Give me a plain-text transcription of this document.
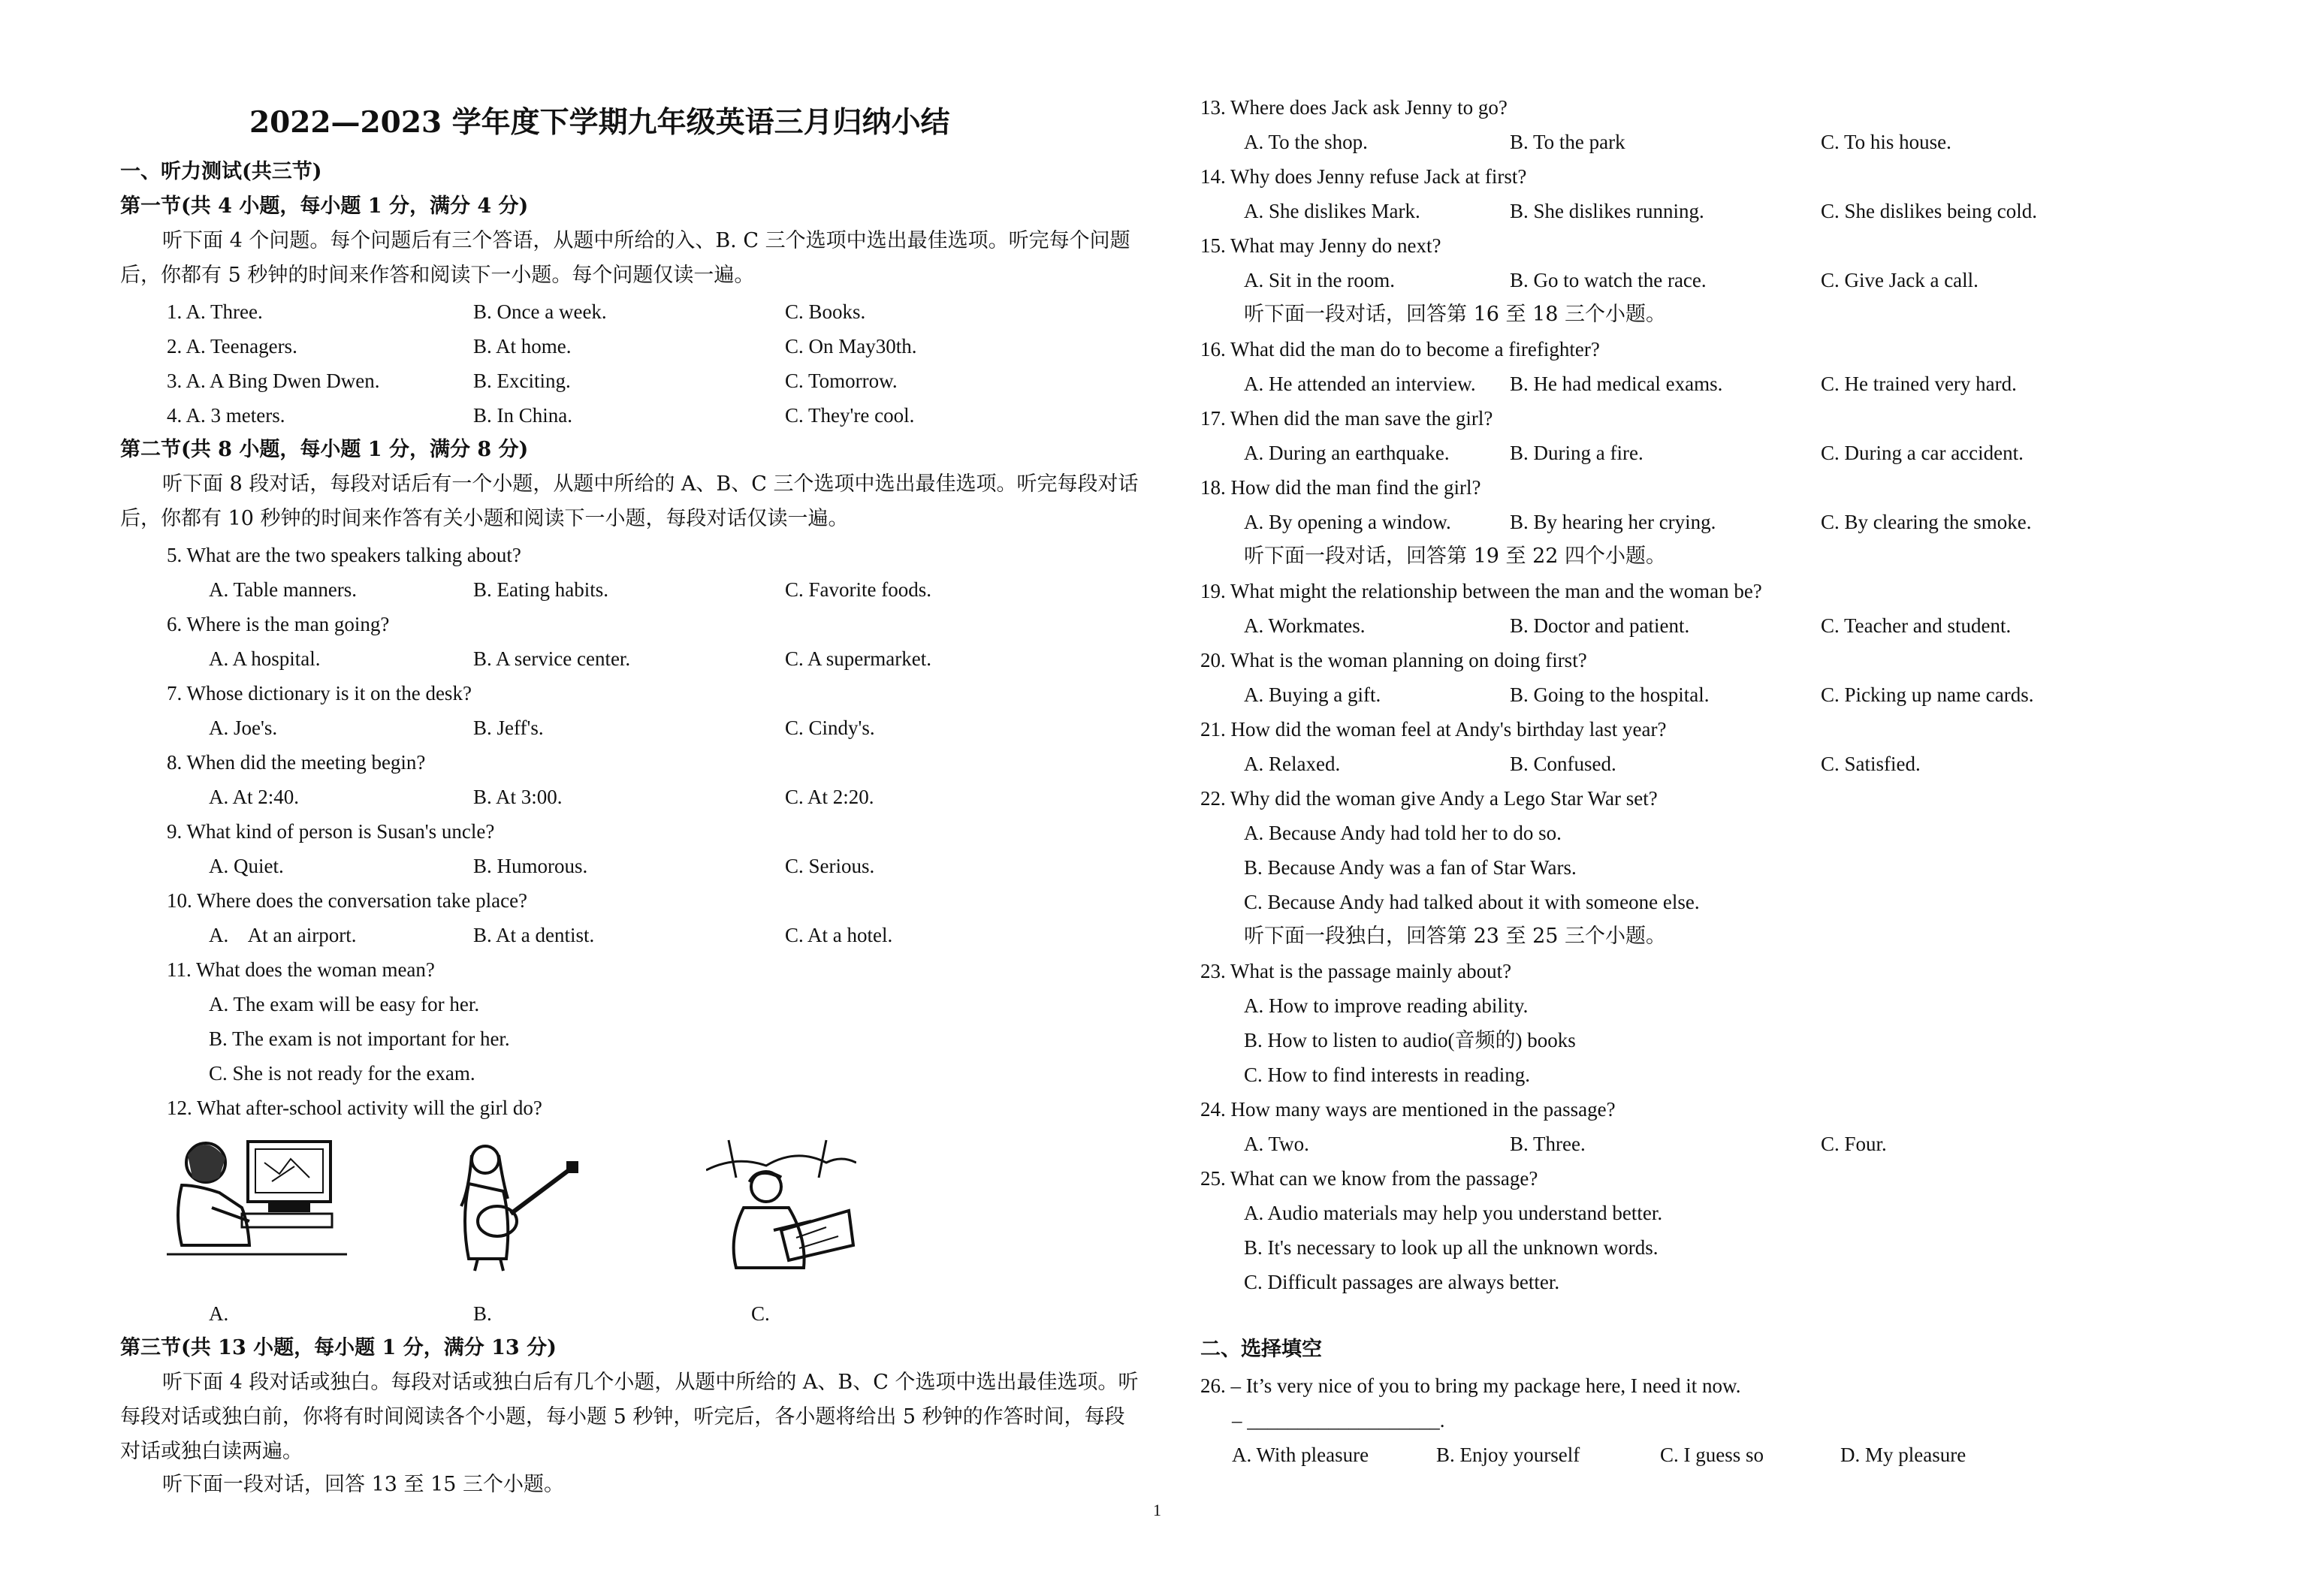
2022—2023 学年度下学期九年级英语三月归纳小结
一、听力测试(共三节)
第一节(共 4 小题，每小题 1 分，满分 4 分)
听下面 4 个问题。每个问题后有三个答语，从题中所给的入、B. C 三个选项中选出最佳选项。听完每个问题后，你都有 5 秒钟的时间来作答和阅读下一小题。每个问题仅读一遍。
1. A. Three.	B. Once a week.	C. Books.
2. A. Teenagers.	B. At home.	C. On May30th.
3. A. A Bing Dwen Dwen.	B. Exciting.	C. Tomorrow.
4. A. 3 meters.	B. In China.	C. They're cool.
第二节(共 8 小题，每小题 1 分，满分 8 分)
听下面 8 段对话，每段对话后有一个小题，从题中所给的 A、B、C 三个选项中选出最佳选项。听完每段对话后，你都有 10 秒钟的时间来作答有关小题和阅读下一小题，每段对话仅读一遍。
5. What are the two speakers talking about?
A. Table manners.	B. Eating habits.	C. Favorite foods.
6. Where is the man going?
A. A hospital.	B. A service center.	C. A supermarket.
7. Whose dictionary is it on the desk?
A. Joe's.	B. Jeff's.	C. Cindy's.
8. When did the meeting begin?
A. At 2:40.	B. At 3:00.	C. At 2:20.
9. What kind of person is Susan's uncle?
A. Quiet.	B. Humorous.	C. Serious.
10. Where does the conversation take place?
A.    At an airport.	B. At a dentist.	C. At a hotel.
11. What does the woman mean?
A. The exam will be easy for her.
B. The exam is not important for her.
C. She is not ready for the exam.
12. What after-school activity will the girl do?
A.	B.	C.
第三节(共 13 小题，每小题 1 分，满分 13 分)
听下面 4 段对话或独白。每段对话或独白后有几个小题，从题中所给的 A、B、C 个选项中选出最佳选项。听每段对话或独白前，你将有时间阅读各个小题，每小题 5 秒钟，听完后，各小题将给出 5 秒钟的作答时间，每段对话或独白读两遍。
听下面一段对话，回答 13 至 15 三个小题。
13. Where does Jack ask Jenny to go?
A. To the shop.	B. To the park	C. To his house.
14. Why does Jenny refuse Jack at first?
A. She dislikes Mark.	B. She dislikes running.	C. She dislikes being cold.
15. What may Jenny do next?
A. Sit in the room.	B. Go to watch the race.	C. Give Jack a call.
听下面一段对话，回答第 16 至 18 三个小题。
16. What did the man do to become a firefighter?
A. He attended an interview. B. He had medical exams.	C. He trained very hard.
17. When did the man save the girl?
A. During an earthquake.	B. During a fire.	C. During a car accident.
18. How did the man find the girl?
A. By opening a window.	B. By hearing her crying.	C. By clearing the smoke.
听下面一段对话，回答第 19 至 22 四个小题。
19. What might the relationship between the man and the woman be?
A. Workmates.	B. Doctor and patient.	C. Teacher and student.
20. What is the woman planning on doing first?
A. Buying a gift.	B. Going to the hospital.	C. Picking up name cards.
21. How did the woman feel at Andy's birthday last year?
A. Relaxed.	B. Confused.	C. Satisfied.
22. Why did the woman give Andy a Lego Star War set?
A. Because Andy had told her to do so.
B. Because Andy was a fan of Star Wars.
C. Because Andy had talked about it with someone else.
听下面一段独白，回答第 23 至 25 三个小题。
23. What is the passage mainly about?
A. How to improve reading ability.
B. How to listen to audio(音频的) books
C. How to find interests in reading.
24. How many ways are mentioned in the passage?
A. Two.	B. Three.	C. Four.
25. What can we know from the passage?
A. Audio materials may help you understand better.
B. It's necessary to look up all the unknown words.
C. Difficult passages are always better.
二、选择填空
26. – It’s very nice of you to bring my package here, I need it now.
– ___________________.
A. With pleasure	B. Enjoy yourself	C. I guess so	D. My pleasure
1
